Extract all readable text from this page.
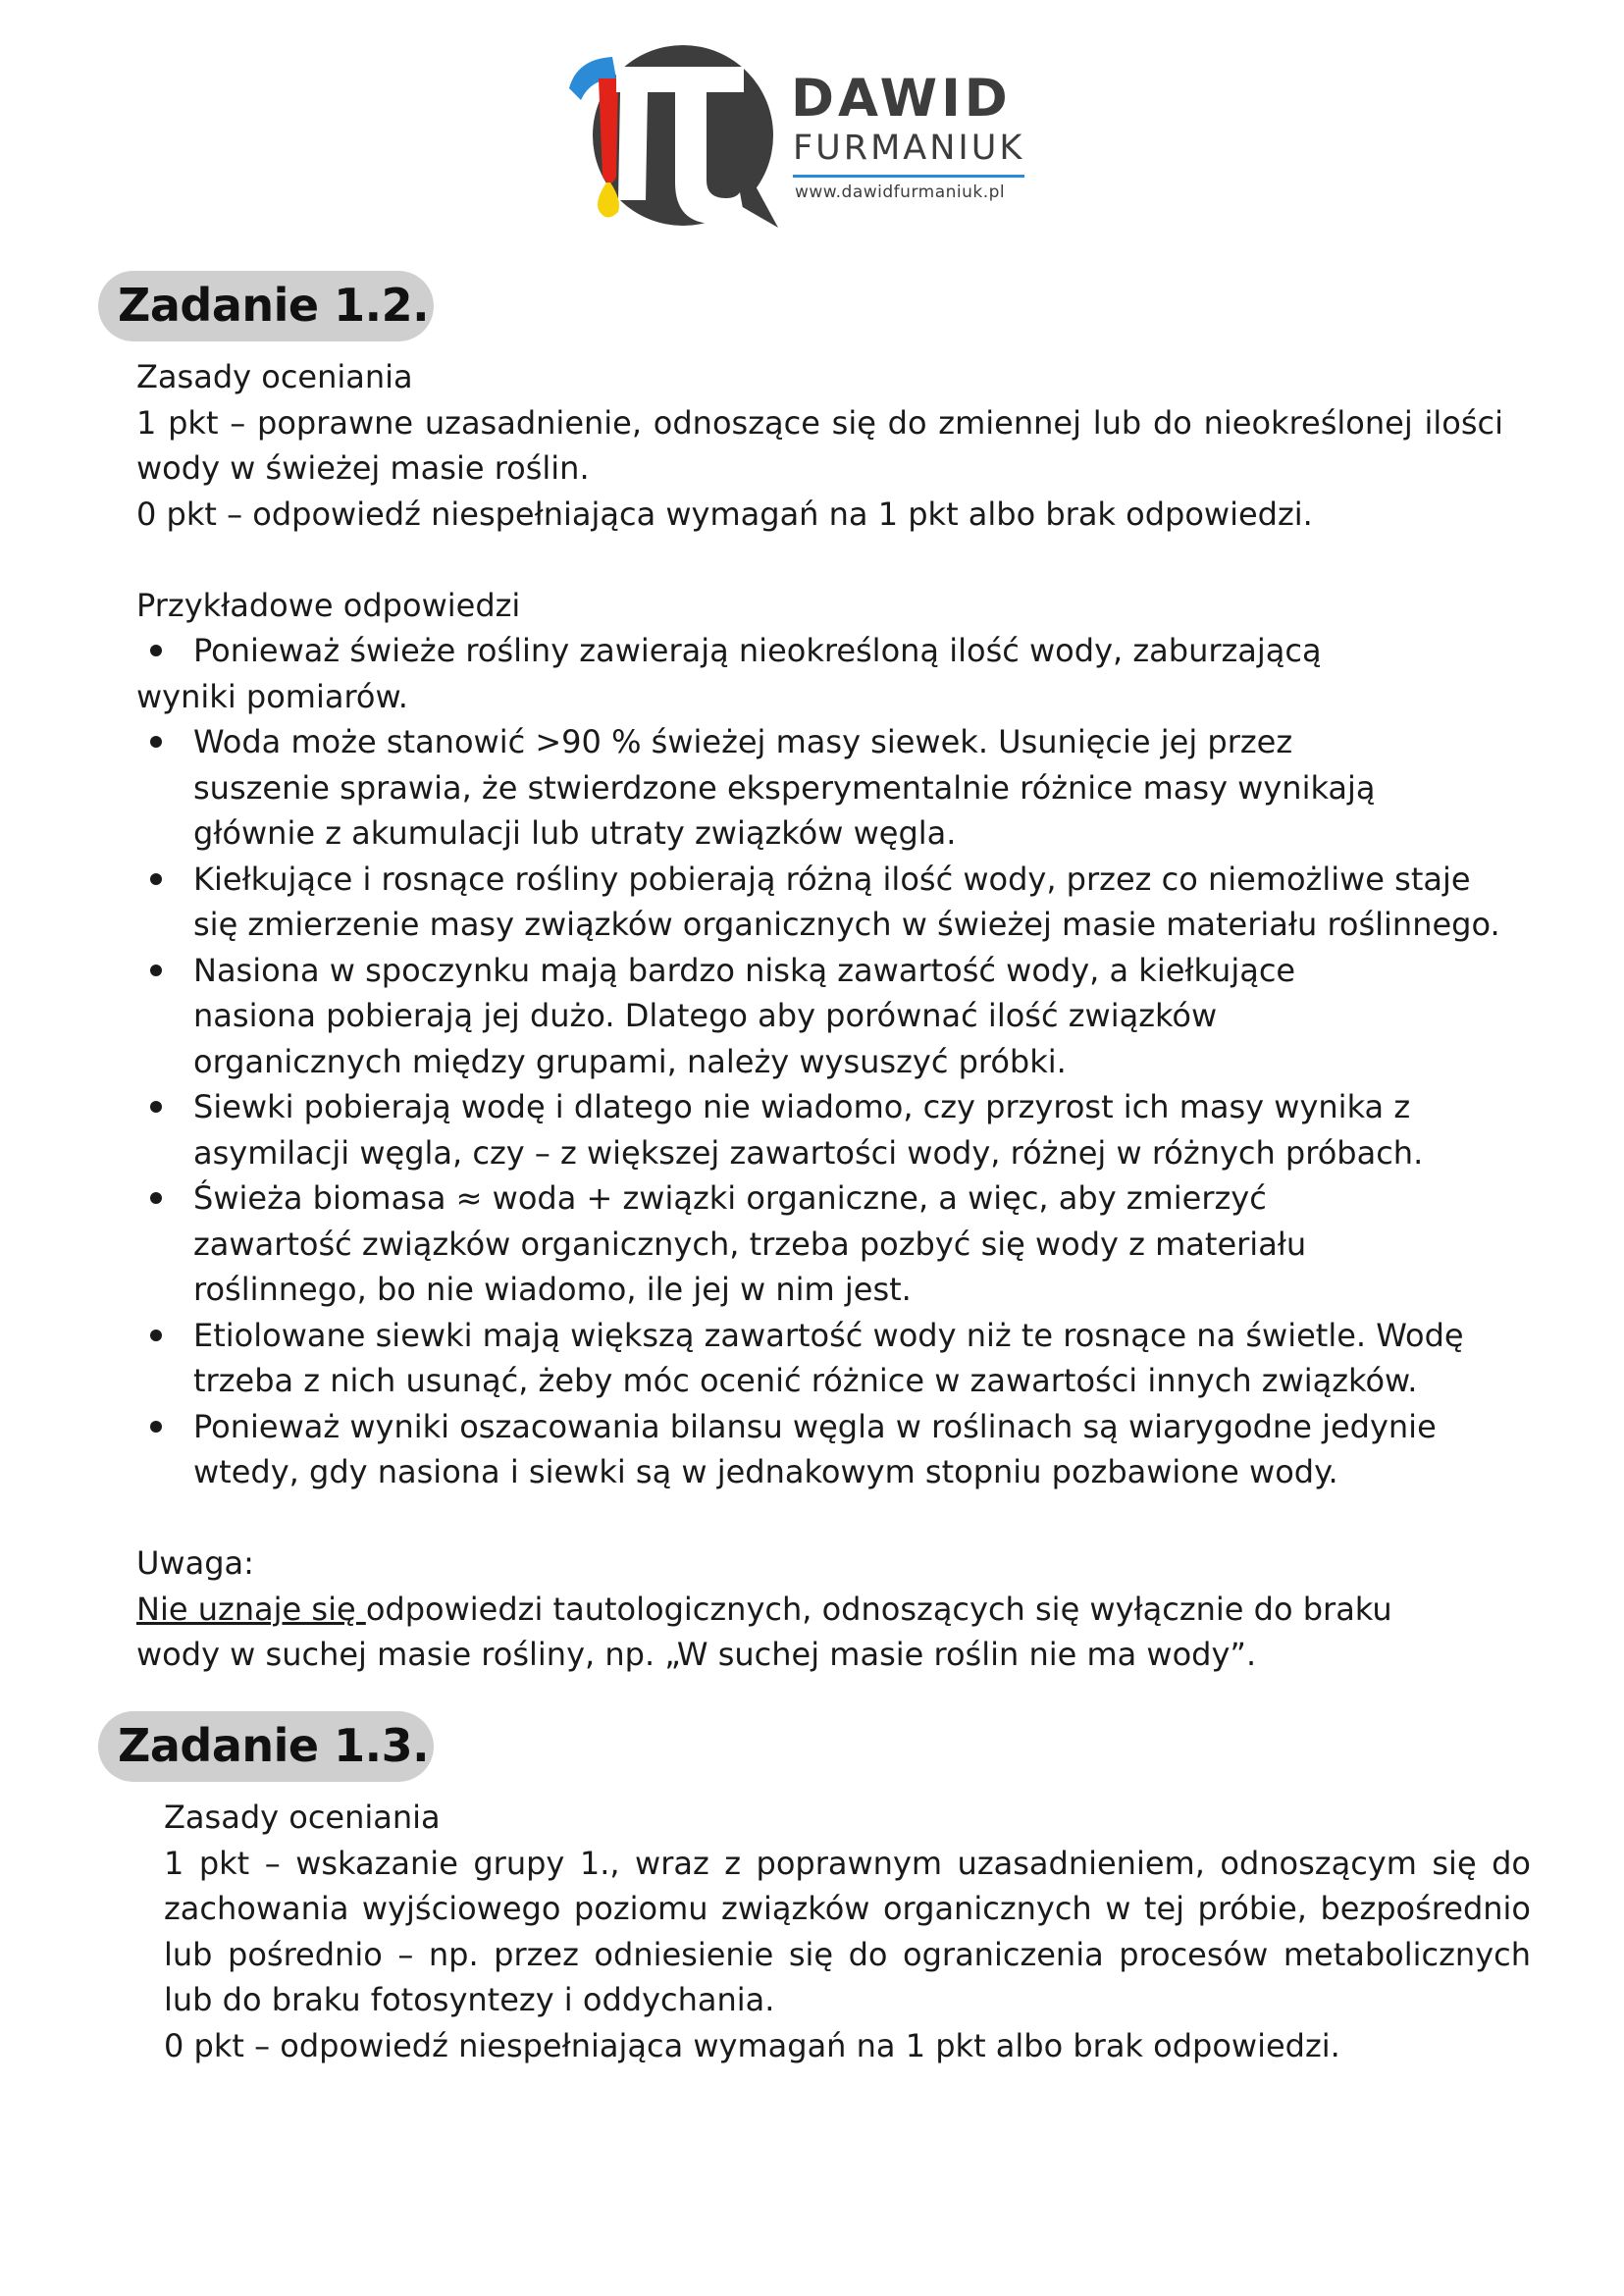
DAWID
FURMANIUK
www.dawidfurmaniuk.pl
Zadanie 1.2.

Zasady oceniania

1 pkt – poprawne uzasadnienie, odnoszące się do zmiennej lub do nieokreślonej ilości wody w świeżej masie roślin.

0 pkt – odpowiedź niespełniająca wymagań na 1 pkt albo brak odpowiedzi.

Przykładowe odpowiedzi

Ponieważ świeże rośliny zawierają nieokreśloną ilość wody, zaburzającą wyniki pomiarów.
Woda może stanowić >90 % świeżej masy siewek. Usunięcie jej przez suszenie sprawia, że stwierdzone eksperymentalnie różnice masy wynikają głównie z akumulacji lub utraty związków węgla.
Kiełkujące i rosnące rośliny pobierają różną ilość wody, przez co niemożliwe staje się zmierzenie masy związków organicznych w świeżej masie materiału roślinnego.
Nasiona w spoczynku mają bardzo niską zawartość wody, a kiełkujące nasiona pobierają jej dużo. Dlatego aby porównać ilość związków organicznych między grupami, należy wysuszyć próbki.
Siewki pobierają wodę i dlatego nie wiadomo, czy przyrost ich masy wynika z asymilacji węgla, czy – z większej zawartości wody, różnej w różnych próbach.
Świeża biomasa ≈ woda + związki organiczne, a więc, aby zmierzyć zawartość związków organicznych, trzeba pozbyć się wody z materiału roślinnego, bo nie wiadomo, ile jej w nim jest.
Etiolowane siewki mają większą zawartość wody niż te rosnące na świetle. Wodę trzeba z nich usunąć, żeby móc ocenić różnice w zawartości innych związków.
Ponieważ wyniki oszacowania bilansu węgla w roślinach są wiarygodne jedynie wtedy, gdy nasiona i siewki są w jednakowym stopniu pozbawione wody.

Uwaga:

Nie uznaje się odpowiedzi tautologicznych, odnoszących się wyłącznie do braku wody w suchej masie rośliny, np. „W suchej masie roślin nie ma wody”.

Zadanie 1.3.

Zasady oceniania

1 pkt – wskazanie grupy 1., wraz z poprawnym uzasadnieniem, odnoszącym się do zachowania wyjściowego poziomu związków organicznych w tej próbie, bezpośrednio lub pośrednio – np. przez odniesienie się do ograniczenia procesów metabolicznych lub do braku fotosyntezy i oddychania.

0 pkt – odpowiedź niespełniająca wymagań na 1 pkt albo brak odpowiedzi.
